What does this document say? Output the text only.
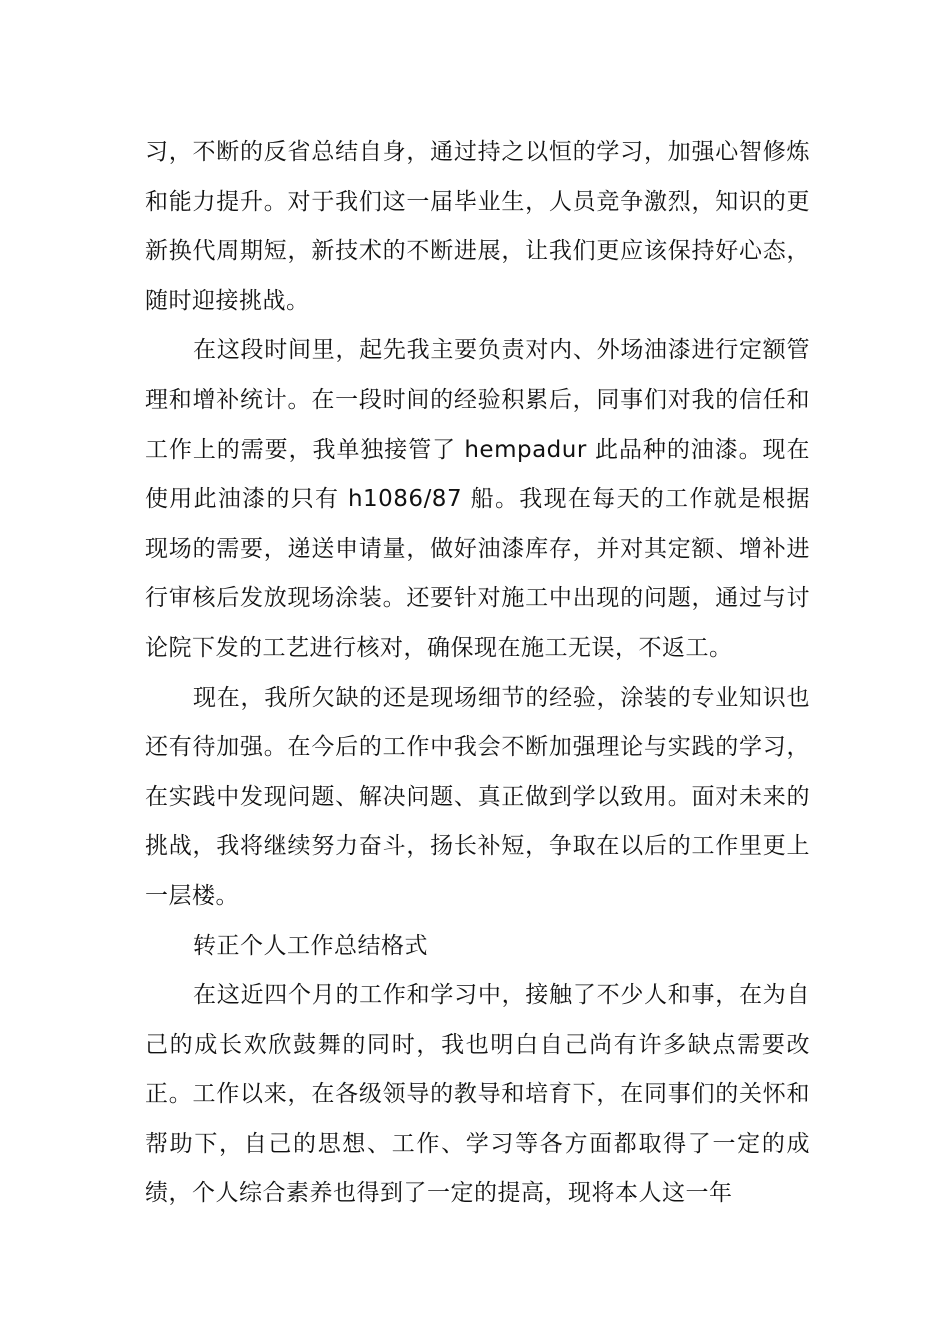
习，不断的反省总结自身，通过持之以恒的学习，加强心智修炼和能力提升。对于我们这一届毕业生，人员竞争激烈，知识的更新换代周期短，新技术的不断进展，让我们更应该保持好心态，随时迎接挑战。

在这段时间里，起先我主要负责对内、外场油漆进行定额管理和增补统计。在一段时间的经验积累后，同事们对我的信任和工作上的需要，我单独接管了 hempadur 此品种的油漆。现在使用此油漆的只有 h1086/87 船。我现在每天的工作就是根据现场的需要，递送申请量，做好油漆库存，并对其定额、增补进行审核后发放现场涂装。还要针对施工中出现的问题，通过与讨论院下发的工艺进行核对，确保现在施工无误，不返工。

现在，我所欠缺的还是现场细节的经验，涂装的专业知识也还有待加强。在今后的工作中我会不断加强理论与实践的学习，在实践中发现问题、解决问题、真正做到学以致用。面对未来的挑战，我将继续努力奋斗，扬长补短，争取在以后的工作里更上一层楼。

转正个人工作总结格式

在这近四个月的工作和学习中，接触了不少人和事，在为自己的成长欢欣鼓舞的同时，我也明白自己尚有许多缺点需要改正。工作以来，在各级领导的教导和培育下，在同事们的关怀和帮助下，自己的思想、工作、学习等各方面都取得了一定的成绩，个人综合素养也得到了一定的提高，现将本人这一年
